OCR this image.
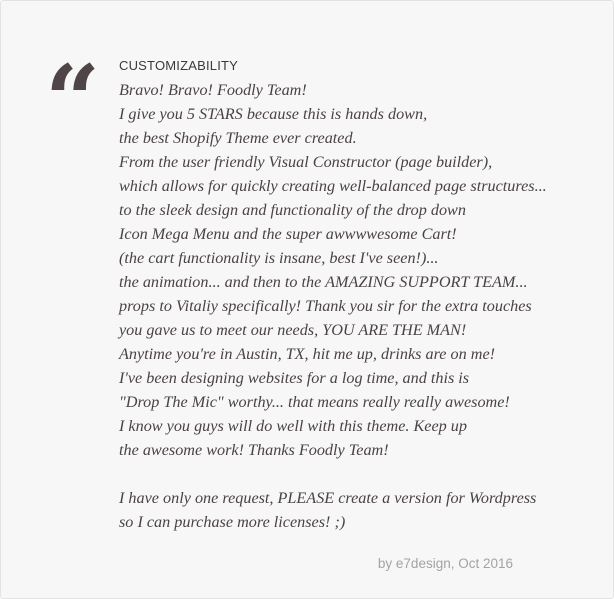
“ CUSTOMIZABILITY
Bravo! Bravo! Foodly Team!
I give you 5 STARS because this is hands down,
the best Shopify Theme ever created.
From the user friendly Visual Constructor (page builder),
which allows for quickly creating well-balanced page structures...
to the sleek design and functionality of the drop down
Icon Mega Menu and the super awwwwesome Cart!
(the cart functionality is insane, best I've seen!)...
the animation... and then to the AMAZING SUPPORT TEAM...
props to Vitaliy specifically! Thank you sir for the extra touches
you gave us to meet our needs, YOU ARE THE MAN!
Anytime you're in Austin, TX, hit me up, drinks are on me!
I've been designing websites for a log time, and this is
"Drop The Mic" worthy... that means really really awesome!
I know you guys will do well with this theme. Keep up
the awesome work! Thanks Foodly Team!
I have only one request, PLEASE create a version for Wordpress
so I can purchase more licenses! ;)
by e7design, Oct 2016
